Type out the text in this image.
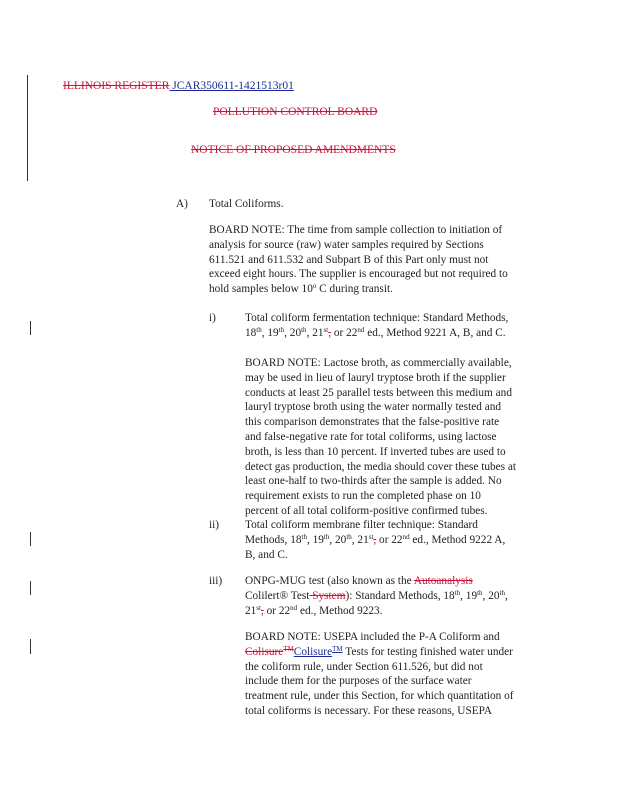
ILLINOIS REGISTER JCAR350611-1421513r01
POLLUTION CONTROL BOARD
NOTICE OF PROPOSED AMENDMENTS
A) Total Coliforms.
BOARD NOTE: The time from sample collection to initiation of
analysis for source (raw) water samples required by Sections
611.521 and 611.532 and Subpart B of this Part only must not
exceed eight hours. The supplier is encouraged but not required to
hold samples below 10$^o$ C during transit.
i)	Total coliform fermentation technique: Standard Methods,
18th, 19th, 20th, 21st, or 22nd ed., Method 9221 A, B, and C.
BOARD NOTE: Lactose broth, as commercially available,
may be used in lieu of lauryl tryptose broth if the supplier
conducts at least 25 parallel tests between this medium and
lauryl tryptose broth using the water normally tested and
this comparison demonstrates that the false-positive rate
and false-negative rate for total coliforms, using lactose
broth, is less than 10 percent. If inverted tubes are used to
detect gas production, the media should cover these tubes at
least one-half to two-thirds after the sample is added. No
requirement exists to run the completed phase on 10
percent of all total coliform-positive confirmed tubes.
ii) Total coliform membrane filter technique: Standard
Methods, 18th, 19th, 20th, 21st, or 22nd ed., Method 9222 A,
B, and C.
iii) ONPG-MUG test (also known as the Autoanalysis
Colilert® Test System): Standard Methods, 18th, 19th, 20th,
21st, or 22nd ed., Method 9223.
BOARD NOTE: USEPA included the P-A Coliform and
Colisure™Colisure™ Tests for testing finished water under
the coliform rule, under Section 611.526, but did not
include them for the purposes of the surface water
treatment rule, under this Section, for which quantitation of
total coliforms is necessary. For these reasons, USEPA
